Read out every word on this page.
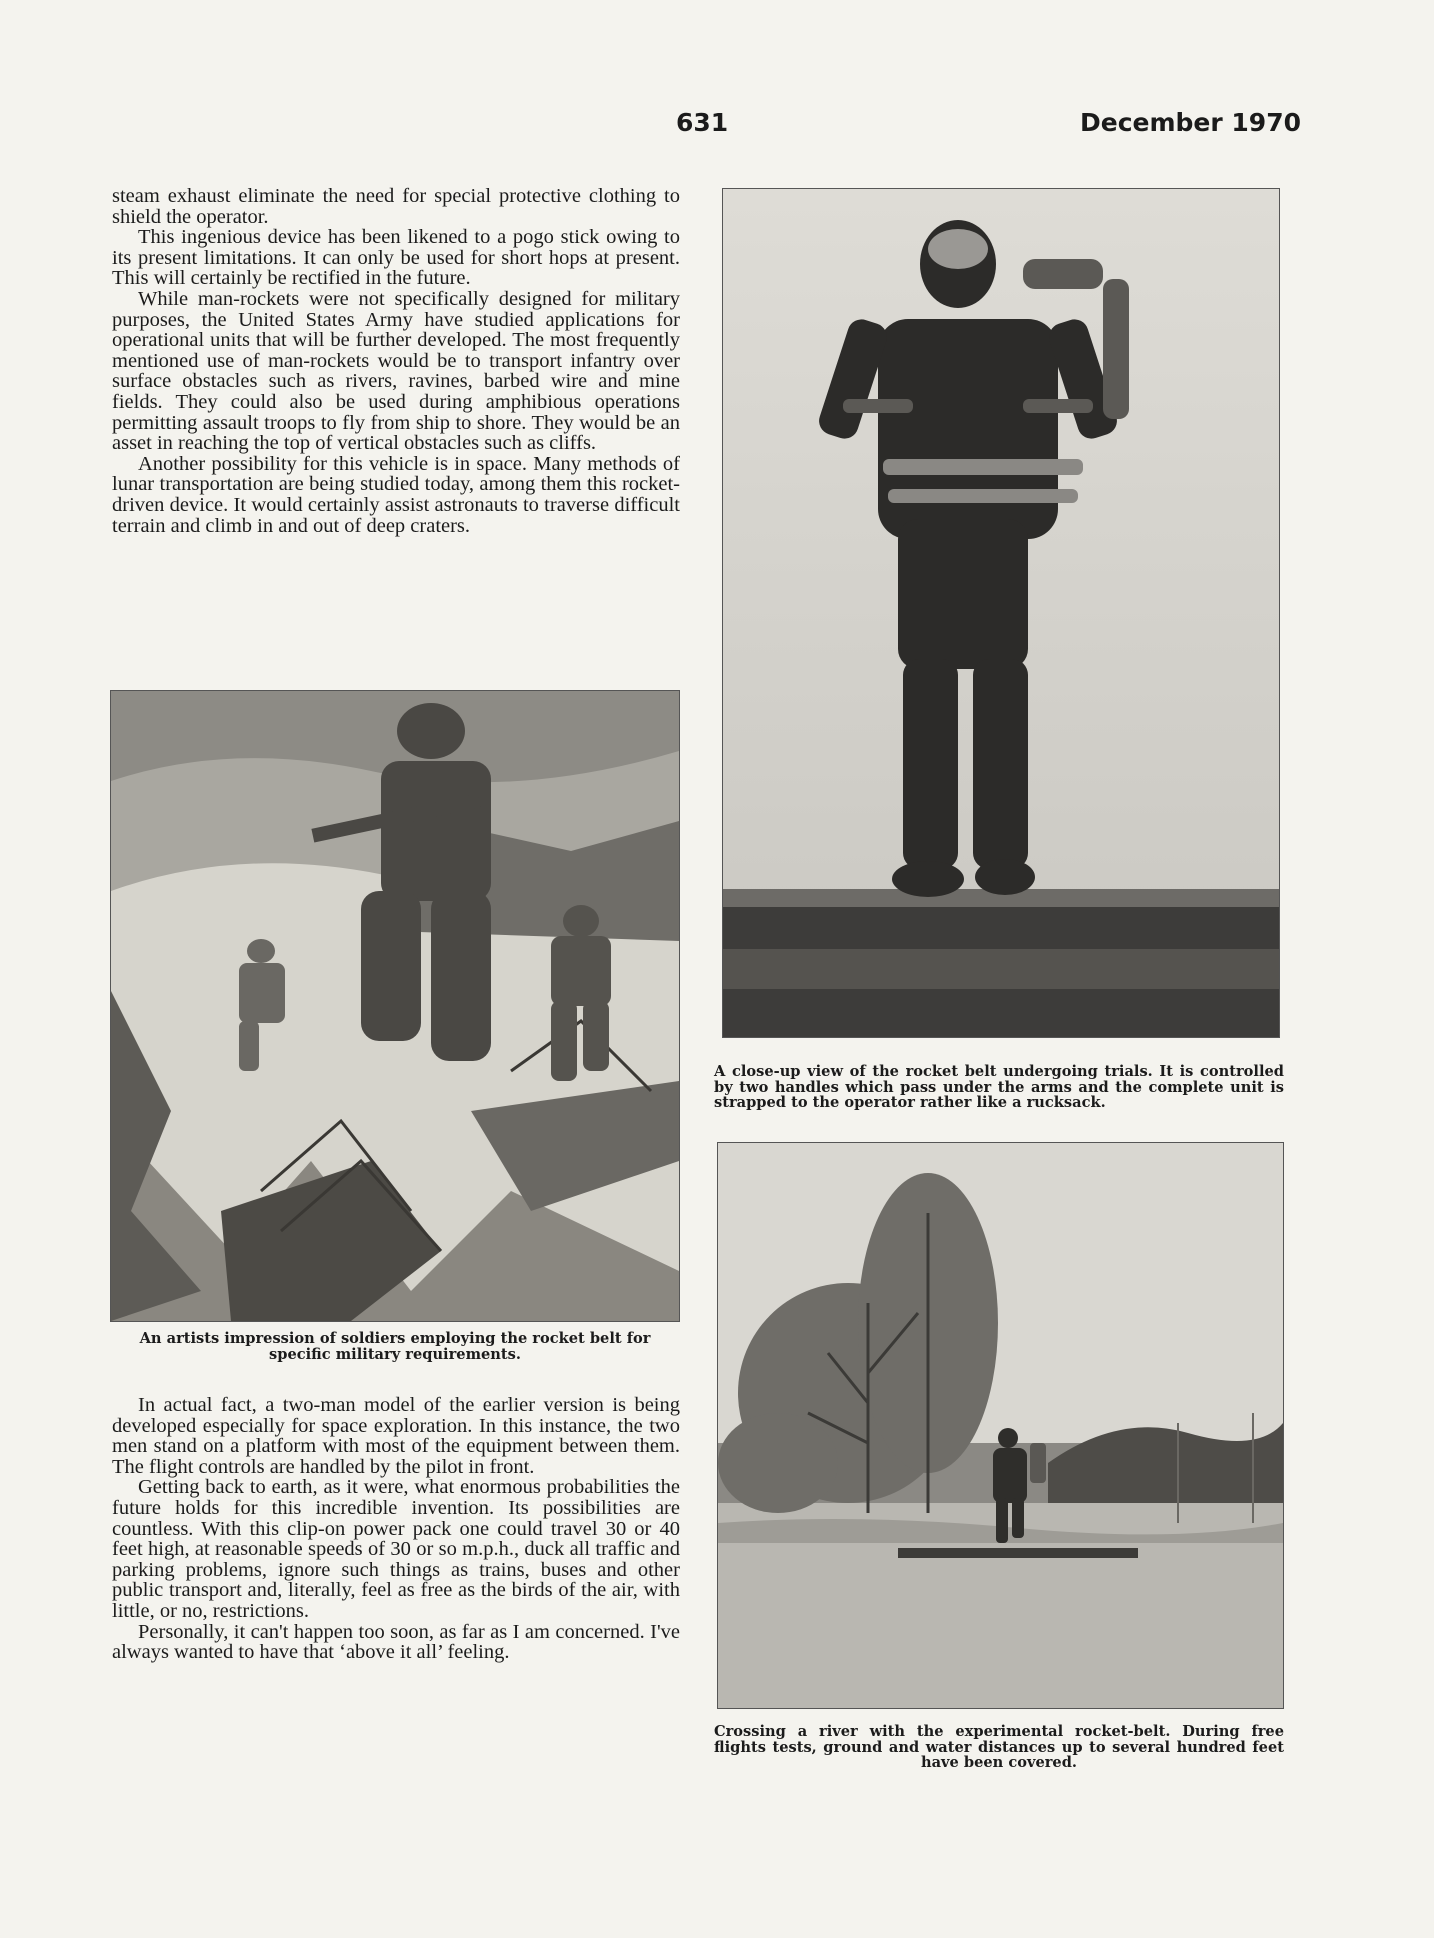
631	December 1970

steam exhaust eliminate the need for special protective clothing to shield the operator.

This ingenious device has been likened to a pogo stick owing to its present limitations. It can only be used for short hops at present. This will certainly be rectified in the future.

While man-rockets were not specifically designed for military purposes, the United States Army have studied applications for operational units that will be further developed. The most frequently mentioned use of man-rockets would be to transport infantry over surface obstacles such as rivers, ravines, barbed wire and mine fields. They could also be used during amphibious operations permitting assault troops to fly from ship to shore. They would be an asset in reaching the top of vertical obstacles such as cliffs.

Another possibility for this vehicle is in space. Many methods of lunar transportation are being studied today, among them this rocket-driven device. It would certainly assist astronauts to traverse difficult terrain and climb in and out of deep craters.

An artists impression of soldiers employing the rocket belt for specific military requirements.

In actual fact, a two-man model of the earlier version is being developed especially for space exploration. In this instance, the two men stand on a platform with most of the equipment between them. The flight controls are handled by the pilot in front.

Getting back to earth, as it were, what enormous probabilities the future holds for this incredible invention. Its possibilities are countless. With this clip-on power pack one could travel 30 or 40 feet high, at reasonable speeds of 30 or so m.p.h., duck all traffic and parking problems, ignore such things as trains, buses and other public transport and, literally, feel as free as the birds of the air, with little, or no, restrictions.

Personally, it can't happen too soon, as far as I am concerned. I've always wanted to have that ‘above it all’ feeling.

A close-up view of the rocket belt undergoing trials. It is controlled by two handles which pass under the arms and the complete unit is strapped to the operator rather like a rucksack.
Crossing a river with the experimental rocket-belt. During free flights tests, ground and water distances up to several hundred feet have been covered.
